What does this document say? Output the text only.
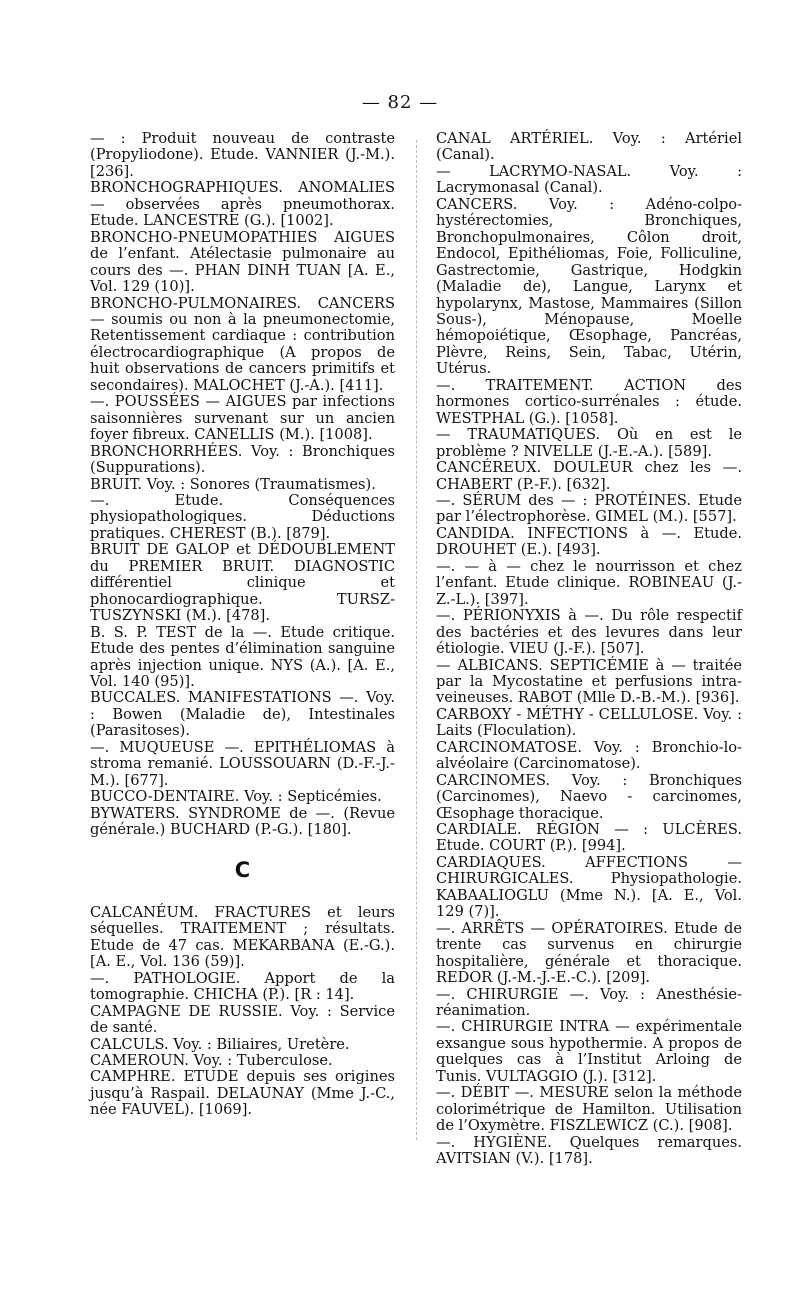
— 82 —

— : Produit nouveau de contraste (Propyliodone). Etude. VANNIER (J.-M.). [236].

BRONCHOGRAPHIQUES. ANOMALIES — observées après pneumothorax. Etude. LANCESTRE (G.). [1002].

BRONCHO-PNEUMOPATHIES AIGUES de l’enfant. Atélectasie pulmonaire au cours des —. PHAN DINH TUAN [A. E., Vol. 129 (10)].

BRONCHO-PULMONAIRES. CANCERS — soumis ou non à la pneumonectomie, Retentissement cardiaque : contribution électrocardiographique (A propos de huit observations de cancers primitifs et secondaires). MALOCHET (J.-A.). [411].

—. POUSSÉES — AIGUES par infections saisonnières survenant sur un ancien foyer fibreux. CANELLIS (M.). [1008].

BRONCHORRHÉES. Voy. : Bronchiques (Suppurations).

BRUIT. Voy. : Sonores (Traumatismes).

—. Etude. Conséquences physiopathologiques. Déductions pratiques. CHEREST (B.). [879].

BRUIT DE GALOP et DÉDOUBLEMENT du PREMIER BRUIT. DIAGNOSTIC différentiel clinique et phonocardiographique. TURSZ-TUSZYNSKI (M.). [478].

B. S. P. TEST de la —. Etude critique. Etude des pentes d’élimination sanguine après injection unique. NYS (A.). [A. E., Vol. 140 (95)].

BUCCALES. MANIFESTATIONS —. Voy. : Bowen (Maladie de), Intestinales (Parasitoses).

—. MUQUEUSE —. EPITHÉLIOMAS à stroma remanié. LOUSSOUARN (D.-F.-J.-M.). [677].

BUCCO-DENTAIRE. Voy. : Septicémies.

BYWATERS. SYNDROME de —. (Revue générale.) BUCHARD (P.-G.). [180].

C

CALCANÉUM. FRACTURES et leurs séquelles. TRAITEMENT ; résultats. Etude de 47 cas. MEKARBANA (E.-G.). [A. E., Vol. 136 (59)].

—. PATHOLOGIE. Apport de la tomographie. CHICHA (P.). [R : 14].

CAMPAGNE DE RUSSIE. Voy. : Service de santé.

CALCULS. Voy. : Biliaires, Uretère.

CAMEROUN. Voy. : Tuberculose.

CAMPHRE. ETUDE depuis ses origines jusqu’à Raspail. DELAUNAY (Mme J.-C., née FAUVEL). [1069].

CANAL ARTÉRIEL. Voy. : Artériel (Canal).

— LACRYMO-NASAL. Voy. : Lacrymonasal (Canal).

CANCERS. Voy. : Adéno-colpo-hystérectomies, Bronchiques, Bronchopulmonaires, Côlon droit, Endocol, Epithéliomas, Foie, Folliculine, Gastrectomie, Gastrique, Hodgkin (Maladie de), Langue, Larynx et hypolarynx, Mastose, Mammaires (Sillon Sous-), Ménopause, Moelle hémopoiétique, Œsophage, Pancréas, Plèvre, Reins, Sein, Tabac, Utérin, Utérus.

—. TRAITEMENT. ACTION des hormones cortico-surrénales : étude. WESTPHAL (G.). [1058].

— TRAUMATIQUES. Où en est le problème ? NIVELLE (J.-E.-A.). [589].

CANCÉREUX. DOULEUR chez les —. CHABERT (P.-F.). [632].

—. SÉRUM des — : PROTÉINES. Etude par l’électrophorèse. GIMEL (M.). [557].

CANDIDA. INFECTIONS à —. Etude. DROUHET (E.). [493].

—. — à — chez le nourrisson et chez l’enfant. Etude clinique. ROBINEAU (J.-Z.-L.). [397].

—. PÉRIONYXIS à —. Du rôle respectif des bactéries et des levures dans leur étiologie. VIEU (J.-F.). [507].

— ALBICANS. SEPTICÉMIE à — traitée par la Mycostatine et perfusions intra-veineuses. RABOT (Mlle D.-B.-M.). [936].

CARBOXY - MÉTHY - CELLULOSE. Voy. : Laits (Floculation).

CARCINOMATOSE. Voy. : Bronchio-lo-alvéolaire (Carcinomatose).

CARCINOMES. Voy. : Bronchiques (Carcinomes), Naevo - carcinomes, Œsophage thoracique.

CARDIALE. RÉGION — : ULCÈRES. Etude. COURT (P.). [994].

CARDIAQUES. AFFECTIONS — CHIRURGICALES. Physiopathologie. KABAALIOGLU (Mme N.). [A. E., Vol. 129 (7)].

—. ARRÊTS — OPÉRATOIRES. Etude de trente cas survenus en chirurgie hospitalière, générale et thoracique. REDOR (J.-M.-J.-E.-C.). [209].

—. CHIRURGIE —. Voy. : Anesthésie-réanimation.

—. CHIRURGIE INTRA — expérimentale exsangue sous hypothermie. A propos de quelques cas à l’Institut Arloing de Tunis. VULTAGGIO (J.). [312].

—. DÉBIT —. MESURE selon la méthode colorimétrique de Hamilton. Utilisation de l’Oxymètre. FISZLEWICZ (C.). [908].

—. HYGIÈNE. Quelques remarques. AVITSIAN (V.). [178].
